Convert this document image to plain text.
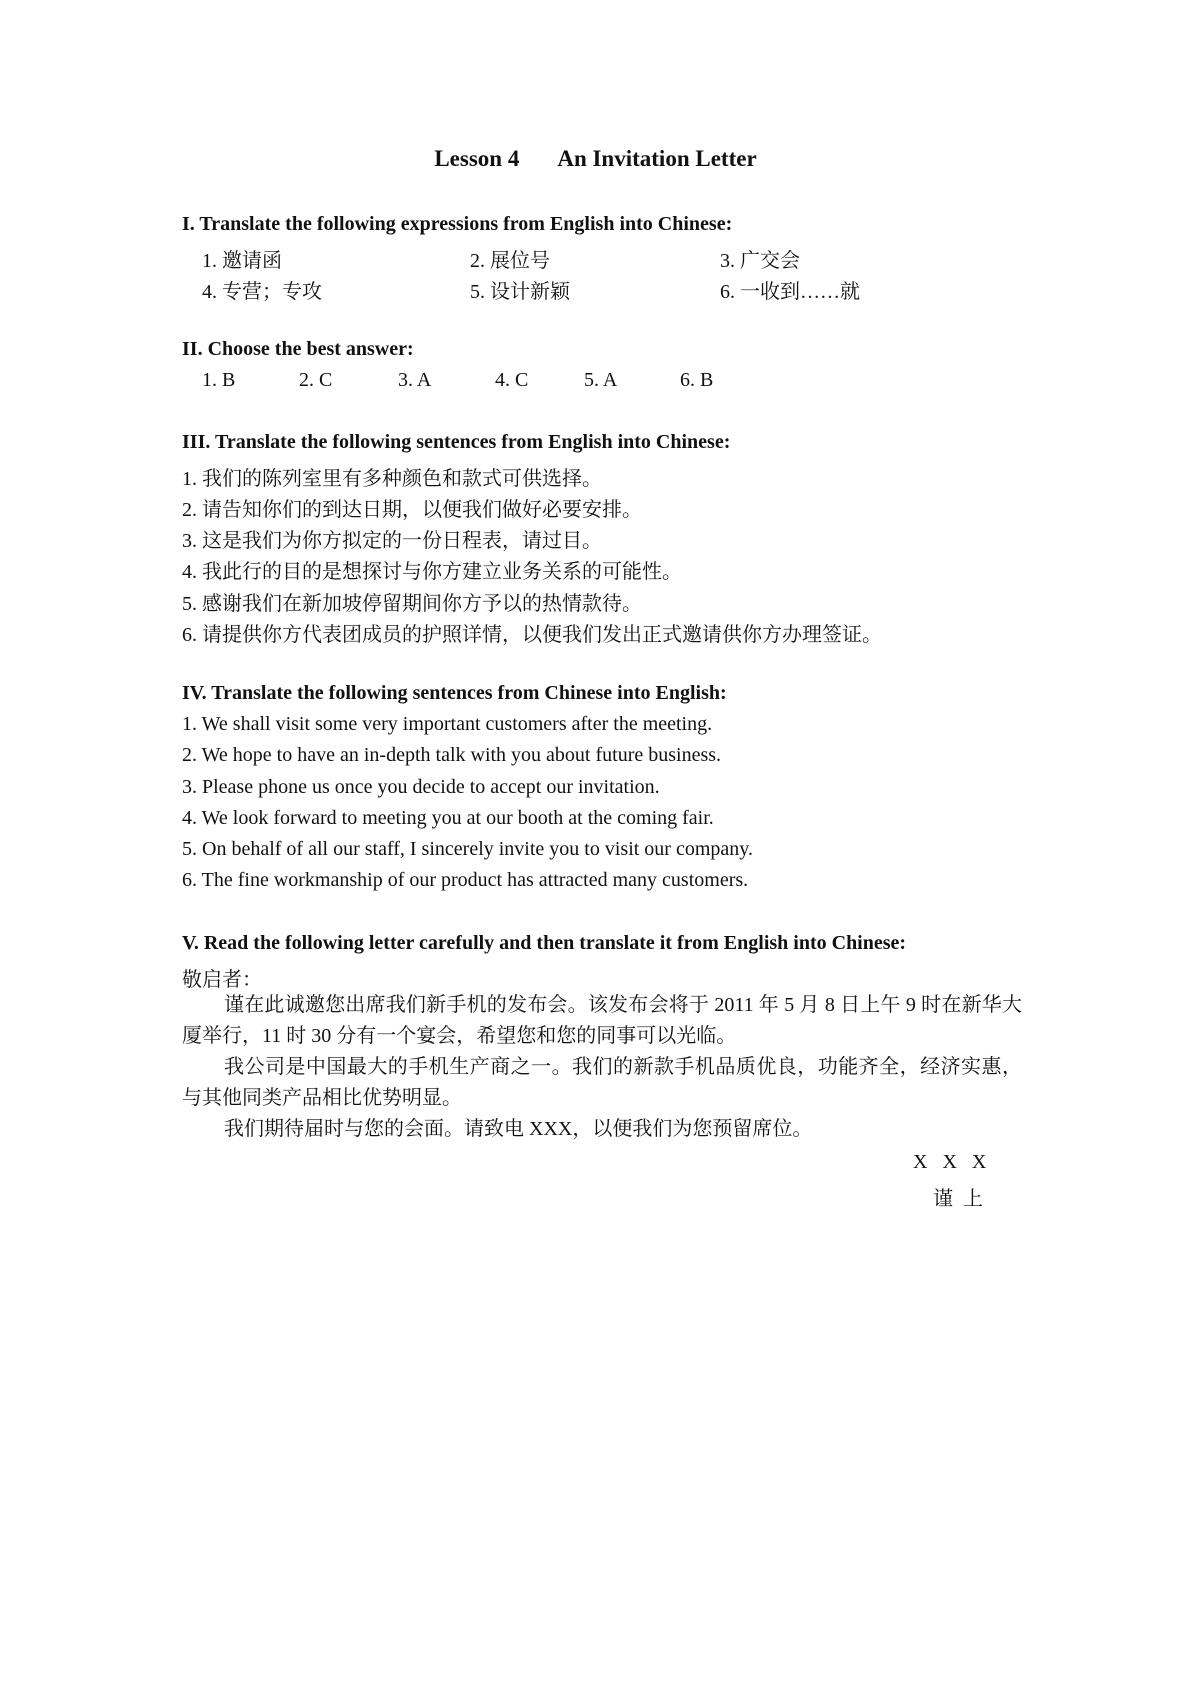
Lesson 4 An Invitation Letter
I. Translate the following expressions from English into Chinese:
1. 邀请函	2. 展位号	3. 广交会
4. 专营；专攻	5. 设计新颖	6. 一收到……就
II. Choose the best answer:
1. B	2. C	3. A	4. C	5. A	6. B
III. Translate the following sentences from English into Chinese:
1. 我们的陈列室里有多种颜色和款式可供选择。
2. 请告知你们的到达日期，以便我们做好必要安排。
3. 这是我们为你方拟定的一份日程表，请过目。
4. 我此行的目的是想探讨与你方建立业务关系的可能性。
5. 感谢我们在新加坡停留期间你方予以的热情款待。
6. 请提供你方代表团成员的护照详情，以便我们发出正式邀请供你方办理签证。
IV. Translate the following sentences from Chinese into English:
1. We shall visit some very important customers after the meeting.
2. We hope to have an in-depth talk with you about future business.
3. Please phone us once you decide to accept our invitation.
4. We look forward to meeting you at our booth at the coming fair.
5. On behalf of all our staff, I sincerely invite you to visit our company.
6. The fine workmanship of our product has attracted many customers.
V. Read the following letter carefully and then translate it from English into Chinese:
敬启者：
谨在此诚邀您出席我们新手机的发布会。该发布会将于 2011 年 5 月 8 日上午 9 时在新华大厦举行，11 时 30 分有一个宴会，希望您和您的同事可以光临。
我公司是中国最大的手机生产商之一。我们的新款手机品质优良，功能齐全，经济实惠，与其他同类产品相比优势明显。
我们期待届时与您的会面。请致电 XXX，以便我们为您预留席位。
X   X   X
谨  上
